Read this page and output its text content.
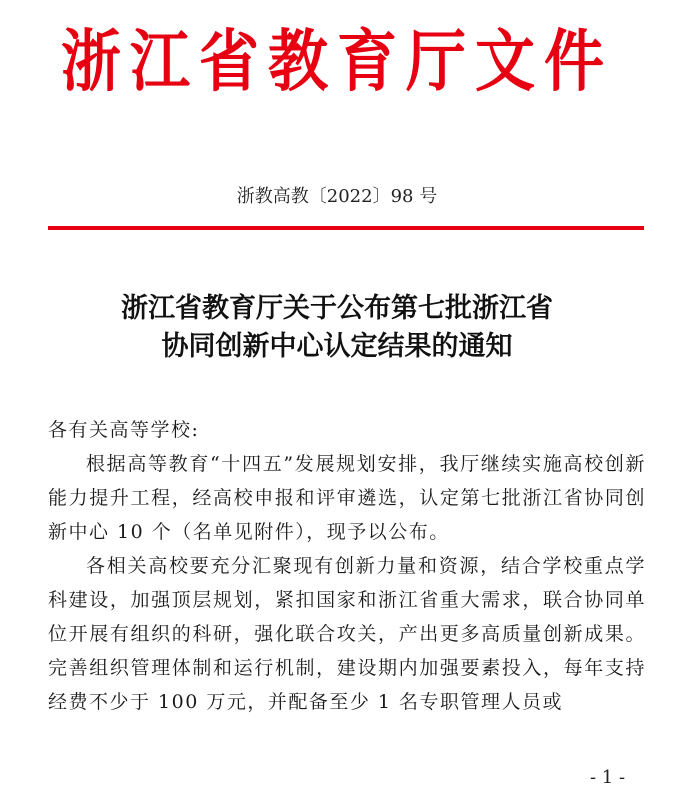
浙江省教育厅文件
浙教高教〔2022〕98 号
浙江省教育厅关于公布第七批浙江省
协同创新中心认定结果的通知

各有关高等学校:

根据高等教育“十四五”发展规划安排，我厅继续实施高校创新能力提升工程，经高校申报和评审遴选，认定第七批浙江省协同创新中心 10 个（名单见附件），现予以公布。

各相关高校要充分汇聚现有创新力量和资源，结合学校重点学科建设，加强顶层规划，紧扣国家和浙江省重大需求，联合协同单位开展有组织的科研，强化联合攻关，产出更多高质量创新成果。完善组织管理体制和运行机制，建设期内加强要素投入，每年支持经费不少于 100 万元，并配备至少 1 名专职管理人员或

- 1 -
